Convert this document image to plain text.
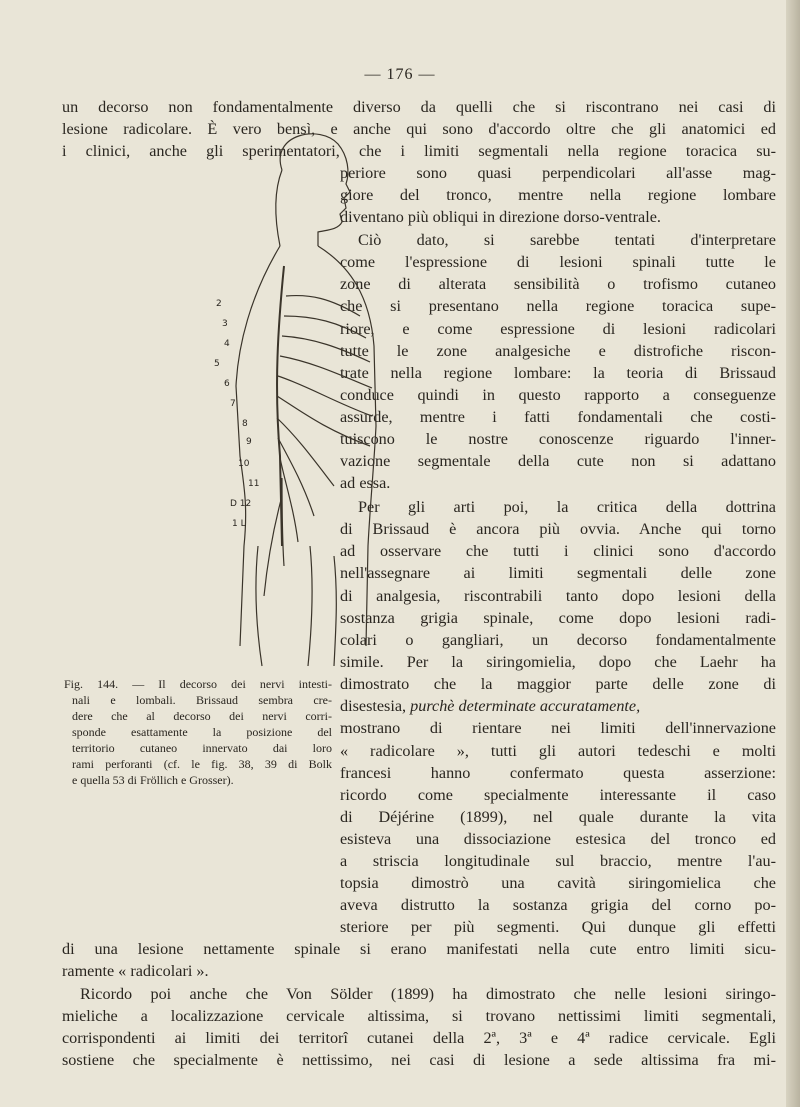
— 176 —
un decorso non fondamentalmente diverso da quelli che si riscontrano nei casi di
lesione radicolare. È vero bensì, e anche qui sono d'accordo oltre che gli anatomici ed
i clinici, anche gli sperimentatori, che i limiti segmentali nella regione toracica su-
periore sono quasi perpendicolari all'asse mag-
giore del tronco, mentre nella regione lombare
diventano più obliqui in direzione dorso-ventrale.
Ciò dato, si sarebbe tentati d'interpretare
come l'espressione di lesioni spinali tutte le
zone di alterata sensibilità o trofismo cutaneo
che si presentano nella regione toracica supe-
riore, e come espressione di lesioni radicolari
tutte le zone analgesiche e distrofiche riscon-
trate nella regione lombare: la teoria di Brissaud
conduce quindi in questo rapporto a conseguenze
assurde, mentre i fatti fondamentali che costi-
tuiscono le nostre conoscenze riguardo l'inner-
vazione segmentale della cute non si adattano
ad essa.
Per gli arti poi, la critica della dottrina
di Brissaud è ancora più ovvia. Anche qui torno
ad osservare che tutti i clinici sono d'accordo
nell'assegnare ai limiti segmentali delle zone
di analgesia, riscontrabili tanto dopo lesioni della
sostanza grigia spinale, come dopo lesioni radi-
colari o gangliari, un decorso fondamentalmente
simile. Per la siringomielia, dopo che Laehr ha
dimostrato che la maggior parte delle zone di
disestesia, purchè determinate accuratamente,
mostrano di rientare nei limiti dell'innervazione
« radicolare », tutti gli autori tedeschi e molti
francesi hanno confermato questa asserzione:
ricordo come specialmente interessante il caso
di Déjérine (1899), nel quale durante la vita
esisteva una dissociazione estesica del tronco ed
a striscia longitudinale sul braccio, mentre l'au-
topsia dimostrò una cavità siringomielica che
aveva distrutto la sostanza grigia del corno po-
steriore per più segmenti. Qui dunque gli effetti
di una lesione nettamente spinale si erano manifestati nella cute entro limiti sicu-
ramente « radicolari ».
Ricordo poi anche che Von Sölder (1899) ha dimostrato che nelle lesioni siringo-
mieliche a localizzazione cervicale altissima, si trovano nettissimi limiti segmentali,
corrispondenti ai limiti dei territorî cutanei della 2ª, 3ª e 4ª radice cervicale. Egli
sostiene che specialmente è nettissimo, nei casi di lesione a sede altissima fra mi-
Fig. 144. — Il decorso dei nervi intesti-
nali e lombali. Brissaud sembra cre-
dere che al decorso dei nervi corri-
sponde esattamente la posizione del
territorio cutaneo innervato dai loro
rami perforanti (cf. le fig. 38, 39 di Bolk
e quella 53 di Fröllich e Grosser).
2
3
4
5
6
7
8
9
10
11
D 12
1 L
